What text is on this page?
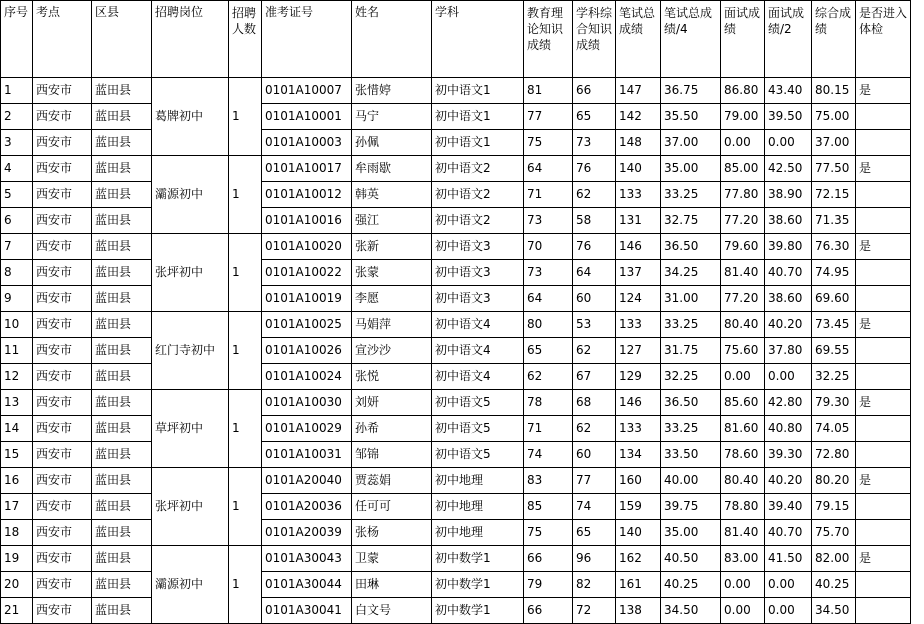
序号	考点	区县	招聘岗位	招聘人数	准考证号	姓名	学科	教育理论知识成绩	学科综合知识成绩	笔试总成绩	笔试总成绩/4	面试成绩	面试成绩/2	综合成绩	是否进入体检
1	西安市	蓝田县	葛牌初中	1	0101A10007	张惜婷	初中语文1	81	66	147	36.75	86.80	43.40	80.15	是
2	西安市	蓝田县			0101A10001	马宁	初中语文1	77	65	142	35.50	79.00	39.50	75.00	
3	西安市	蓝田县			0101A10003	孙佩	初中语文1	75	73	148	37.00	0.00	0.00	37.00	
4	西安市	蓝田县	灞源初中	1	0101A10017	牟雨歇	初中语文2	64	76	140	35.00	85.00	42.50	77.50	是
5	西安市	蓝田县			0101A10012	韩英	初中语文2	71	62	133	33.25	77.80	38.90	72.15	
6	西安市	蓝田县			0101A10016	强江	初中语文2	73	58	131	32.75	77.20	38.60	71.35	
7	西安市	蓝田县	张坪初中	1	0101A10020	张新	初中语文3	70	76	146	36.50	79.60	39.80	76.30	是
8	西安市	蓝田县			0101A10022	张蒙	初中语文3	73	64	137	34.25	81.40	40.70	74.95	
9	西安市	蓝田县			0101A10019	李愿	初中语文3	64	60	124	31.00	77.20	38.60	69.60	
10	西安市	蓝田县	红门寺初中	1	0101A10025	马娟萍	初中语文4	80	53	133	33.25	80.40	40.20	73.45	是
11	西安市	蓝田县			0101A10026	宣沙沙	初中语文4	65	62	127	31.75	75.60	37.80	69.55	
12	西安市	蓝田县			0101A10024	张悦	初中语文4	62	67	129	32.25	0.00	0.00	32.25	
13	西安市	蓝田县	草坪初中	1	0101A10030	刘妍	初中语文5	78	68	146	36.50	85.60	42.80	79.30	是
14	西安市	蓝田县			0101A10029	孙希	初中语文5	71	62	133	33.25	81.60	40.80	74.05	
15	西安市	蓝田县			0101A10031	邹锦	初中语文5	74	60	134	33.50	78.60	39.30	72.80	
16	西安市	蓝田县	张坪初中	1	0101A20040	贾蕊娟	初中地理	83	77	160	40.00	80.40	40.20	80.20	是
17	西安市	蓝田县			0101A20036	任可可	初中地理	85	74	159	39.75	78.80	39.40	79.15	
18	西安市	蓝田县			0101A20039	张杨	初中地理	75	65	140	35.00	81.40	40.70	75.70	
19	西安市	蓝田县	灞源初中	1	0101A30043	卫蒙	初中数学1	66	96	162	40.50	83.00	41.50	82.00	是
20	西安市	蓝田县			0101A30044	田琳	初中数学1	79	82	161	40.25	0.00	0.00	40.25	
21	西安市	蓝田县			0101A30041	白文号	初中数学1	66	72	138	34.50	0.00	0.00	34.50	
